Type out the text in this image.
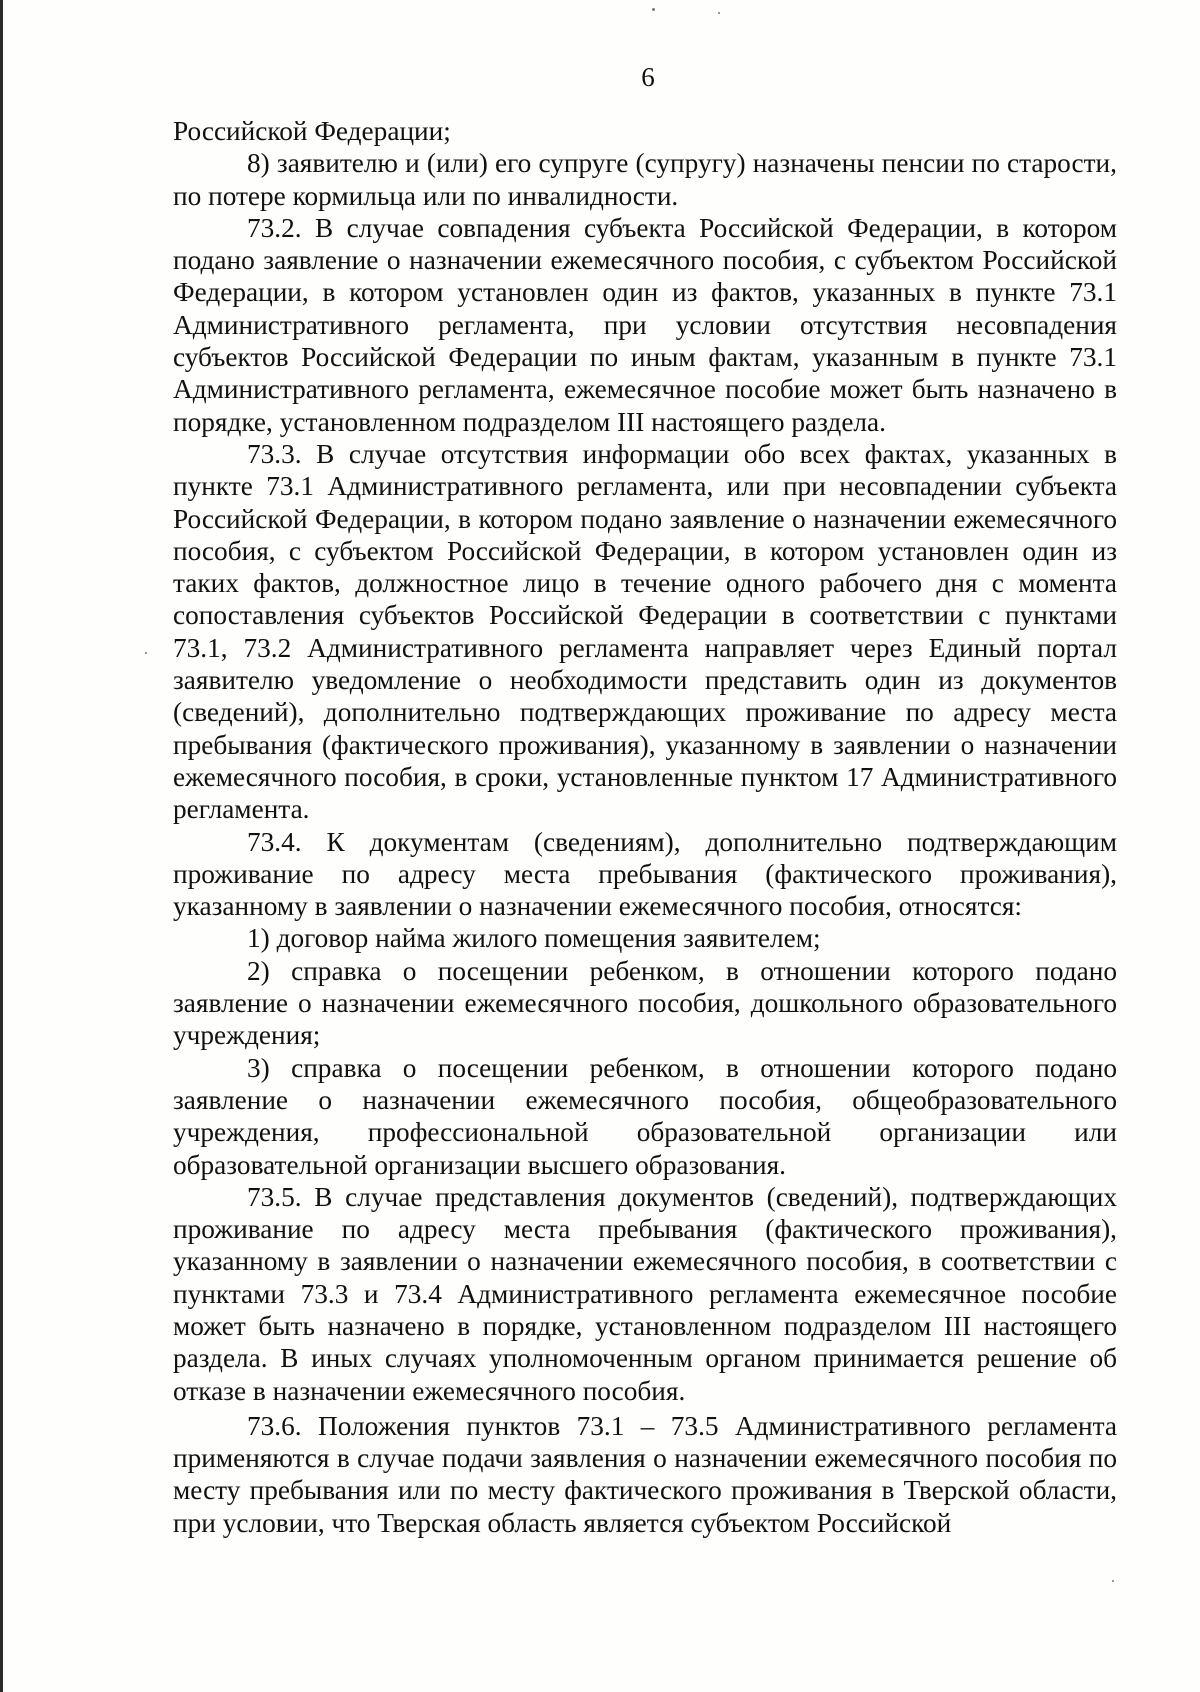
6

Российской Федерации;

8) заявителю и (или) его супруге (супругу) назначены пенсии по старости, по потере кормильца или по инвалидности.

73.2. В случае совпадения субъекта Российской Федерации, в котором подано заявление о назначении ежемесячного пособия, с субъектом Российской Федерации, в котором установлен один из фактов, указанных в пункте 73.1 Административного регламента, при условии отсутствия несовпадения субъектов Российской Федерации по иным фактам, указанным в пункте 73.1 Административного регламента, ежемесячное пособие может быть назначено в порядке, установленном подразделом III настоящего раздела.

73.3. В случае отсутствия информации обо всех фактах, указанных в пункте 73.1 Административного регламента, или при несовпадении субъекта Российской Федерации, в котором подано заявление о назначении ежемесячного пособия, с субъектом Российской Федерации, в котором установлен один из таких фактов, должностное лицо в течение одного рабочего дня с момента сопоставления субъектов Российской Федерации в соответствии с пунктами 73.1, 73.2 Административного регламента направляет через Единый портал заявителю уведомление о необходимости представить один из документов (сведений), дополнительно подтверждающих проживание по адресу места пребывания (фактического проживания), указанному в заявлении о назначении ежемесячного пособия, в сроки, установленные пунктом 17 Административного регламента.

73.4. К документам (сведениям), дополнительно подтверждающим проживание по адресу места пребывания (фактического проживания), указанному в заявлении о назначении ежемесячного пособия, относятся:

1) договор найма жилого помещения заявителем;

2) справка о посещении ребенком, в отношении которого подано заявление о назначении ежемесячного пособия, дошкольного образовательного учреждения;

3) справка о посещении ребенком, в отношении которого подано заявление о назначении ежемесячного пособия, общеобразовательного учреждения, профессиональной образовательной организации или образовательной организации высшего образования.

73.5. В случае представления документов (сведений), подтверждающих проживание по адресу места пребывания (фактического проживания), указанному в заявлении о назначении ежемесячного пособия, в соответствии с пунктами 73.3 и 73.4 Административного регламента ежемесячное пособие может быть назначено в порядке, установленном подразделом III настоящего раздела. В иных случаях уполномоченным органом принимается решение об отказе в назначении ежемесячного пособия.

73.6. Положения пунктов 73.1 – 73.5 Административного регламента применяются в случае подачи заявления о назначении ежемесячного пособия по месту пребывания или по месту фактического проживания в Тверской области, при условии, что Тверская область является субъектом Российской
